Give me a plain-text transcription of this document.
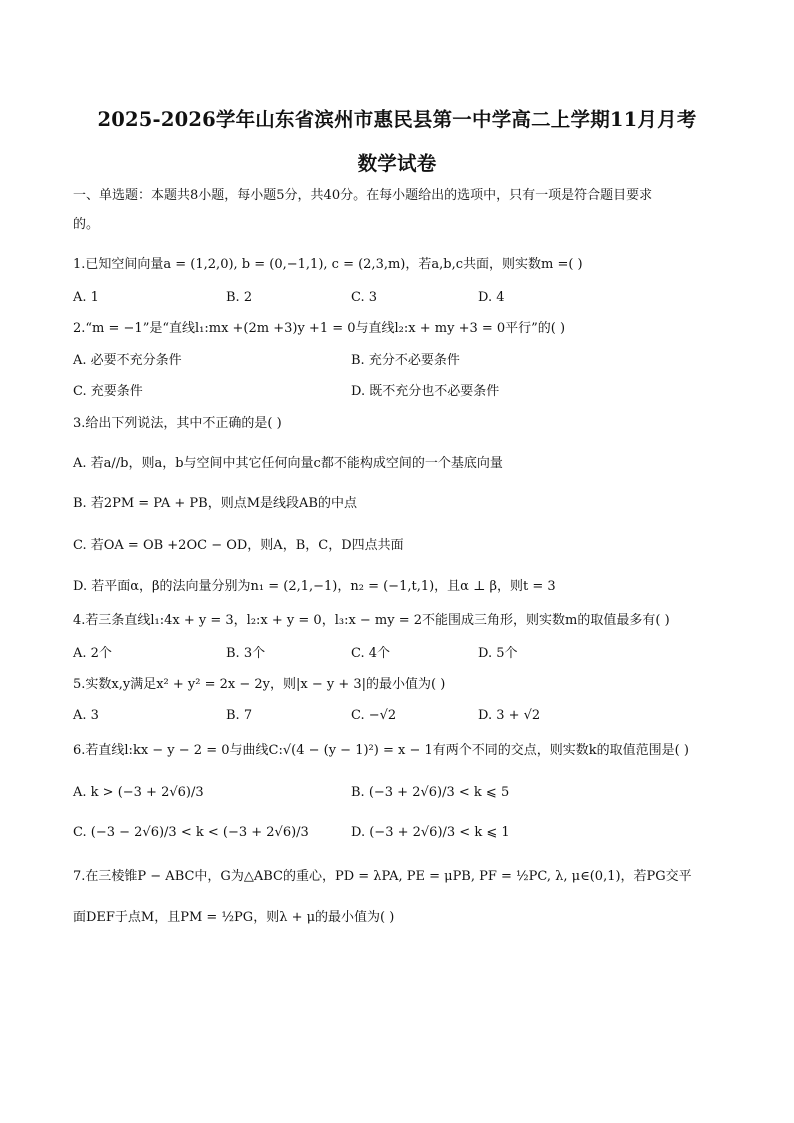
2025-2026学年山东省滨州市惠民县第一中学高二上学期11月月考
数学试卷
一、单选题：本题共8小题，每小题5分，共40分。在每小题给出的选项中，只有一项是符合题目要求
的。
1.已知空间向量a = (1,2,0), b = (0,−1,1), c = (2,3,m)，若a,b,c共面，则实数m =( )
A. 1	B. 2	C. 3	D. 4
2.“m = −1”是“直线l₁:mx +(2m +3)y +1 = 0与直线l₂:x + my +3 = 0平行”的( )
A. 必要不充分条件	B. 充分不必要条件
C. 充要条件	D. 既不充分也不必要条件
3.给出下列说法，其中不正确的是( )
A. 若a//b，则a，b与空间中其它任何向量c都不能构成空间的一个基底向量
B. 若2PM = PA + PB，则点M是线段AB的中点
C. 若OA = OB +2OC − OD，则A，B，C，D四点共面
D. 若平面α，β的法向量分别为n₁ = (2,1,−1)，n₂ = (−1,t,1)，且α ⊥ β，则t = 3
4.若三条直线l₁:4x + y = 3，l₂:x + y = 0，l₃:x − my = 2不能围成三角形，则实数m的取值最多有( )
A. 2个	B. 3个	C. 4个	D. 5个
5.实数x,y满足x² + y² = 2x − 2y，则|x − y + 3|的最小值为( )
A. 3	B. 7	C. −√2	D. 3 + √2
6.若直线l:kx − y − 2 = 0与曲线C:√(4 − (y − 1)²) = x − 1有两个不同的交点，则实数k的取值范围是( )
A. k > (−3 + 2√6)/3	B. (−3 + 2√6)/3 < k ⩽ 5
C. (−3 − 2√6)/3 < k < (−3 + 2√6)/3	D. (−3 + 2√6)/3 < k ⩽ 1
7.在三棱锥P − ABC中，G为△ABC的重心，PD = λPA, PE = μPB, PF = ½PC, λ, μ∈(0,1)，若PG交平
面DEF于点M，且PM = ½PG，则λ + μ的最小值为( )
